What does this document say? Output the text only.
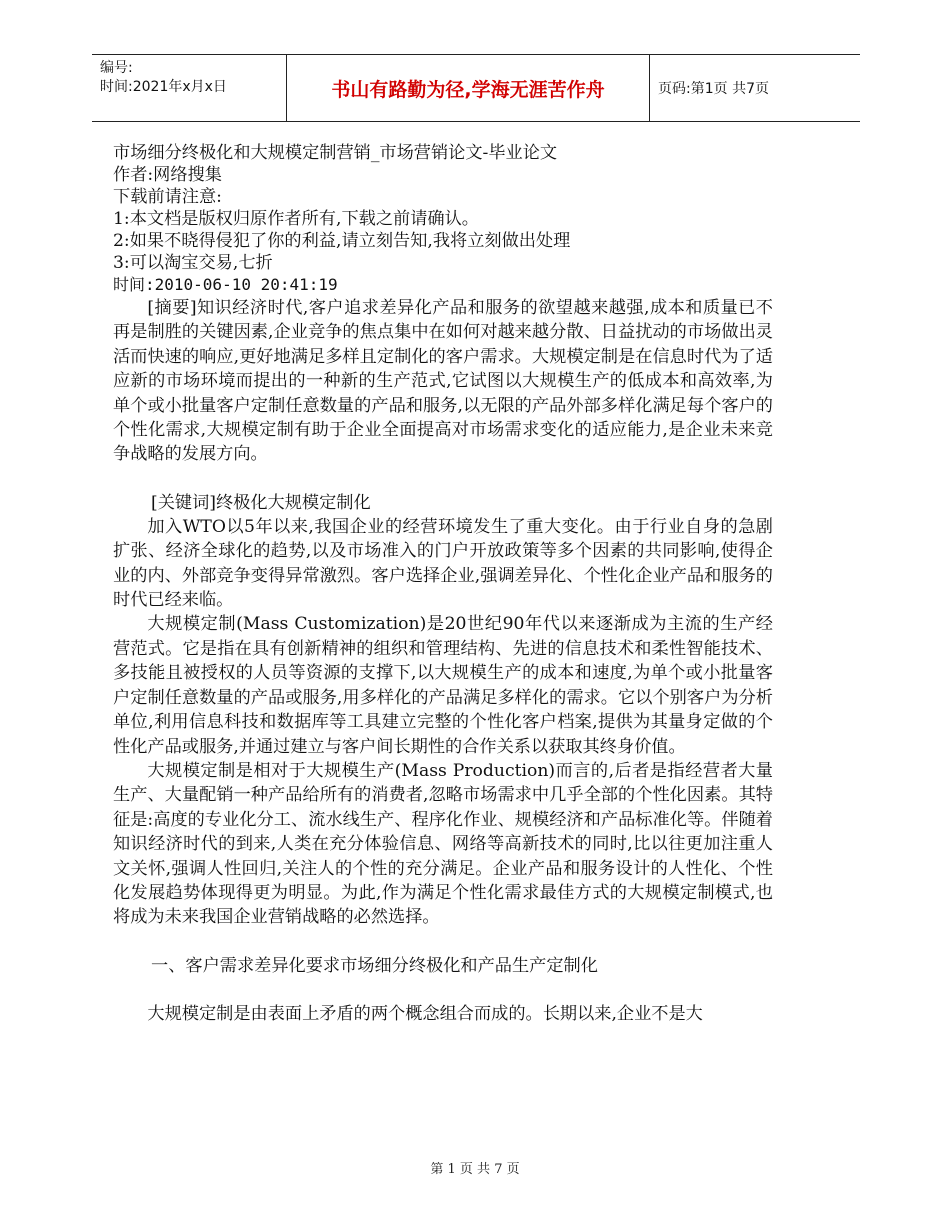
编号:
时间:2021年x月x日	书山有路勤为径,学海无涯苦作舟	页码:第1页 共7页
市场细分终极化和大规模定制营销_市场营销论文-毕业论文
作者:网络搜集
下载前请注意:
1:本文档是版权归原作者所有,下载之前请确认。
2:如果不晓得侵犯了你的利益,请立刻告知,我将立刻做出处理
3:可以淘宝交易,七折
时间:2010-06-10 20:41:19

[摘要]知识经济时代,客户追求差异化产品和服务的欲望越来越强,成本和质量已不再是制胜的关键因素,企业竞争的焦点集中在如何对越来越分散、日益扰动的市场做出灵活而快速的响应,更好地满足多样且定制化的客户需求。大规模定制是在信息时代为了适应新的市场环境而提出的一种新的生产范式,它试图以大规模生产的低成本和高效率,为单个或小批量客户定制任意数量的产品和服务,以无限的产品外部多样化满足每个客户的个性化需求,大规模定制有助于企业全面提高对市场需求变化的适应能力,是企业未来竞争战略的发展方向。

[关键词]终极化大规模定制化

加入WTO以5年以来,我国企业的经营环境发生了重大变化。由于行业自身的急剧扩张、经济全球化的趋势,以及市场准入的门户开放政策等多个因素的共同影响,使得企业的内、外部竞争变得异常激烈。客户选择企业,强调差异化、个性化企业产品和服务的时代已经来临。

大规模定制(Mass Customization)是20世纪90年代以来逐渐成为主流的生产经营范式。它是指在具有创新精神的组织和管理结构、先进的信息技术和柔性智能技术、多技能且被授权的人员等资源的支撑下,以大规模生产的成本和速度,为单个或小批量客户定制任意数量的产品或服务,用多样化的产品满足多样化的需求。它以个别客户为分析单位,利用信息科技和数据库等工具建立完整的个性化客户档案,提供为其量身定做的个性化产品或服务,并通过建立与客户间长期性的合作关系以获取其终身价值。

大规模定制是相对于大规模生产(Mass Production)而言的,后者是指经营者大量生产、大量配销一种产品给所有的消费者,忽略市场需求中几乎全部的个性化因素。其特征是:高度的专业化分工、流水线生产、程序化作业、规模经济和产品标准化等。伴随着知识经济时代的到来,人类在充分体验信息、网络等高新技术的同时,比以往更加注重人文关怀,强调人性回归,关注人的个性的充分满足。企业产品和服务设计的人性化、个性化发展趋势体现得更为明显。为此,作为满足个性化需求最佳方式的大规模定制模式,也将成为未来我国企业营销战略的必然选择。

一、客户需求差异化要求市场细分终极化和产品生产定制化

大规模定制是由表面上矛盾的两个概念组合而成的。长期以来,企业不是大

第 1 页 共 7 页
